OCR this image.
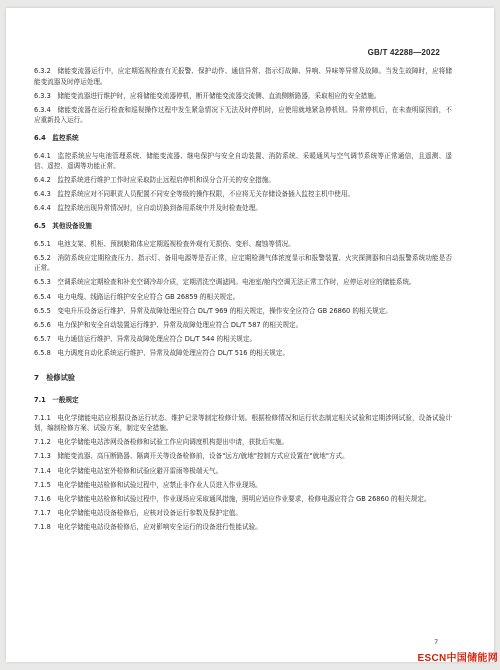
GB/T 42288—2022

6.3.2　储能变流器运行中，应定期巡视检查有无报警、保护动作、通信异常、指示灯故障、异响、异味等异常及故障。当发生故障时，应将储能变流器及时停运处理。

6.3.3　储能变流器进行维护时，应将储能变流器停机，断开储能变流器交流侧、直流侧断路器，采取相应的安全措施。

6.3.4　储能变流器在运行检查和巡视操作过程中发生紧急情况下无法及时停机时，应使用就地紧急停机钮。异常停机后，在未查明原因前，不应重新投入运行。

6.4　监控系统

6.4.1　监控系统应与电池管理系统、储能变流器、继电保护与安全自动装置、消防系统、采暖通风与空气调节系统等正常通信，且遥测、遥信、遥控、遥调等功能正常。

6.4.2　监控系统进行维护工作时应采取防止远程启停机和误分合开关的安全措施。

6.4.3　监控系统应对不同职责人员配置不同安全等级的操作权限，不应将无关存储设备插入监控主机中使用。

6.4.4　监控系统出现异常情况时，应自动切换到备用系统中并及时检查处理。

6.5　其他设备设施

6.5.1　电池支架、机柜、预制舱箱体应定期巡视检查外观有无损伤、变形、腐蚀等情况。

6.5.2　消防系统应定期检查压力、指示灯、备用电源等是否正常，应定期检测气体浓度显示和报警装置、火灾探测器和自动报警系统功能是否正常。

6.5.3　空调系统应定期检查和补充空调冷却介质，定期清洗空调滤网。电池室/舱内空调无法正常工作时，应停运对应的储能系统。

6.5.4　电力电缆、线路运行维护安全应符合 GB 26859 的相关规定。

6.5.5　变电升压设备运行维护、异常及故障处理应符合 DL/T 969 的相关规定，操作安全应符合 GB 26860 的相关规定。

6.5.6　电力保护和安全自动装置运行维护、异常及故障处理应符合 DL/T 587 的相关规定。

6.5.7　电力通信运行维护、异常及故障处理应符合 DL/T 544 的相关规定。

6.5.8　电力调度自动化系统运行维护、异常及故障处理应符合 DL/T 516 的相关规定。

7　检修试验

7.1　一般规定

7.1.1　电化学储能电站应根据设备运行状态、维护记录等制定检修计划。根据检修情况和运行状态制定相关试验和定期涉网试验，设备试验计划，编制检修方案、试验方案，制定安全措施。

7.1.2　电化学储能电站涉网设备检修和试验工作应向调度机构提出申请，获批后实施。

7.1.3　储能变流器、高压断路器、隔离开关等设备检修前，设备"远方/就地"控制方式应设置在"就地"方式。

7.1.4　电化学储能电站室外检修和试验应避开雷雨等极端天气。

7.1.5　电化学储能电站检修和试验过程中，应禁止非作业人员进入作业现场。

7.1.6　电化学储能电站检修和试验过程中，作业现场应采取通风措施，照明应适应作业要求，检修电源应符合 GB 26860 的相关规定。

7.1.7　电化学储能电站设备检修后，应核对设备运行参数及保护定值。

7.1.8　电化学储能电站设备检修后，应对影响安全运行的设备进行性能试验。

7
ESCN中国储能网
